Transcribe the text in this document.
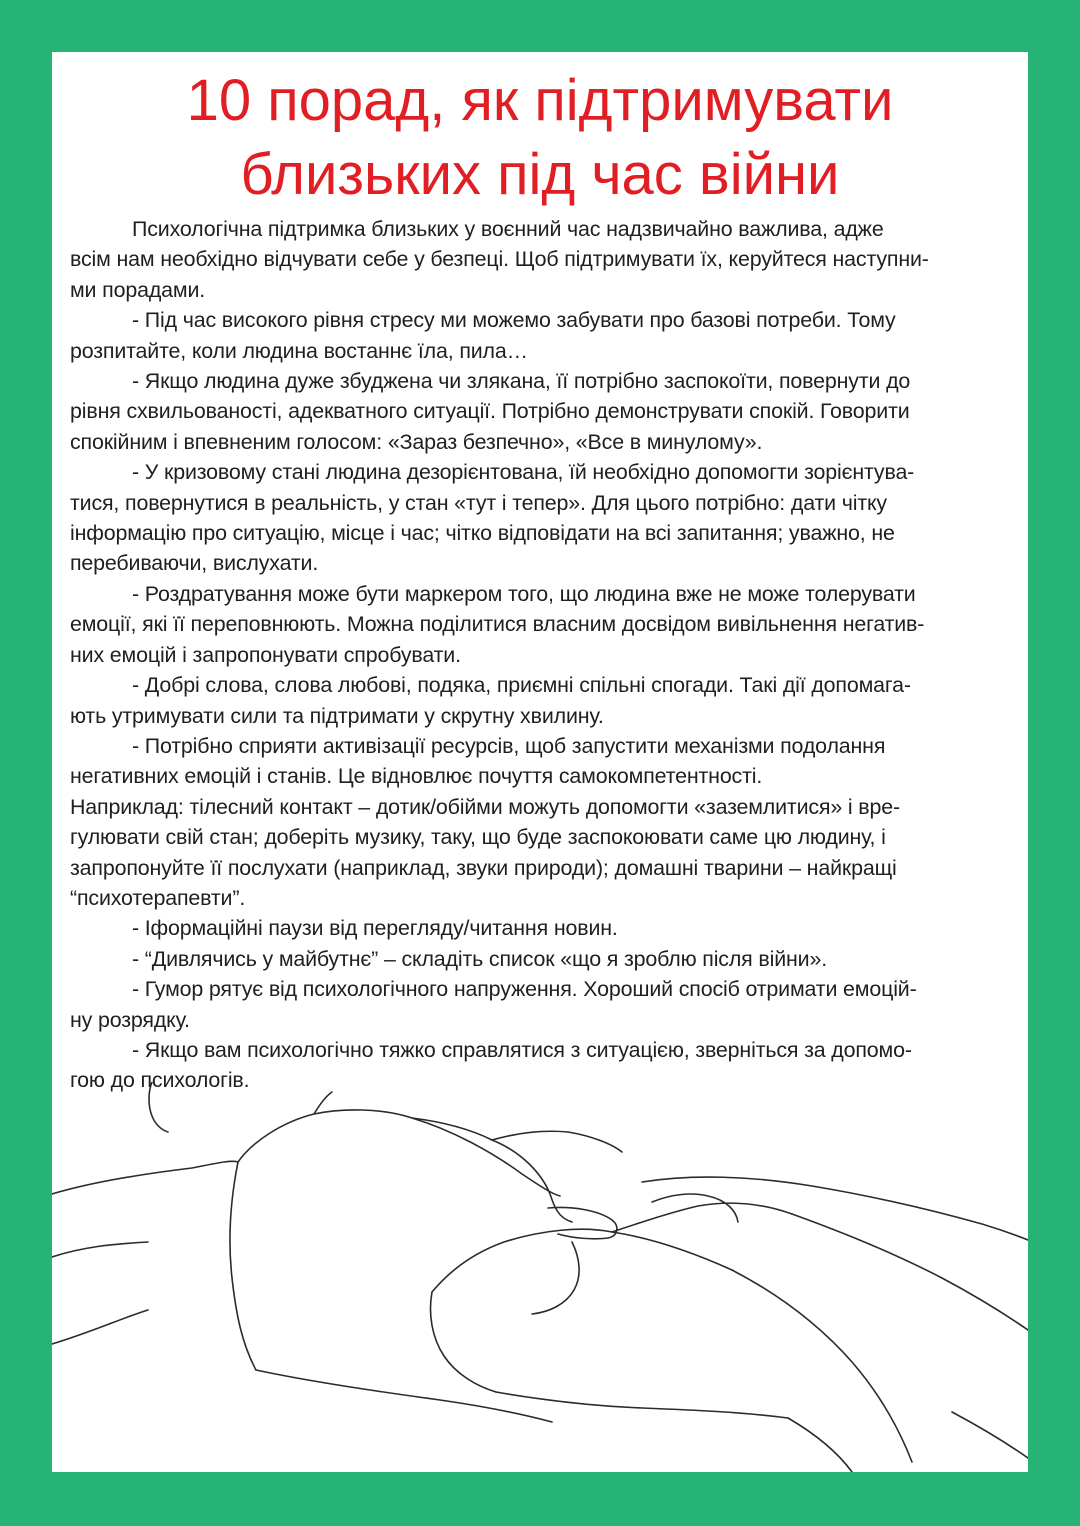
10 порад, як підтримувати
близьких під час війни
Психологічна підтримка близьких у воєнний час надзвичайно важлива, адже
всім нам необхідно відчувати себе у безпеці. Щоб підтримувати їх, керуйтеся наступни-
ми порадами.
- Під час високого рівня стресу ми можемо забувати про базові потреби. Тому
розпитайте, коли людина востаннє їла, пила…
- Якщо людина дуже збуджена чи злякана, її потрібно заспокоїти, повернути до
рівня схвильованості, адекватного ситуації. Потрібно демонструвати спокій. Говорити
спокійним і впевненим голосом: «Зараз безпечно», «Все в минулому».
- У кризовому стані людина дезорієнтована, їй необхідно допомогти зорієнтува-
тися, повернутися в реальність, у стан «тут і тепер». Для цього потрібно: дати чітку
інформацію про ситуацію, місце і час; чітко відповідати на всі запитання; уважно, не
перебиваючи, вислухати.
- Роздратування може бути маркером того, що людина вже не може толерувати
емоції, які її переповнюють. Можна поділитися власним досвідом вивільнення негатив-
них емоцій і запропонувати спробувати.
- Добрі слова, слова любові, подяка, приємні спільні спогади. Такі дії допомага-
ють утримувати сили та підтримати у скрутну хвилину.
- Потрібно сприяти активізації ресурсів, щоб запустити механізми подолання
негативних емоцій і станів. Це відновлює почуття самокомпетентності.
Наприклад: тілесний контакт – дотик/обійми можуть допомогти «заземлитися» і вре-
гулювати свій стан; доберіть музику, таку, що буде заспокоювати саме цю людину, і
запропонуйте її послухати (наприклад, звуки природи); домашні тварини – найкращі
“психотерапевти”.
- Іформаційні паузи від перегляду/читання новин.
- “Дивлячись у майбутнє” – складіть список «що я зроблю після війни».
- Гумор рятує від психологічного напруження. Хороший спосіб отримати емоцій-
ну розрядку.
- Якщо вам психологічно тяжко справлятися з ситуацією, зверніться за допомо-
гою до психологів.
